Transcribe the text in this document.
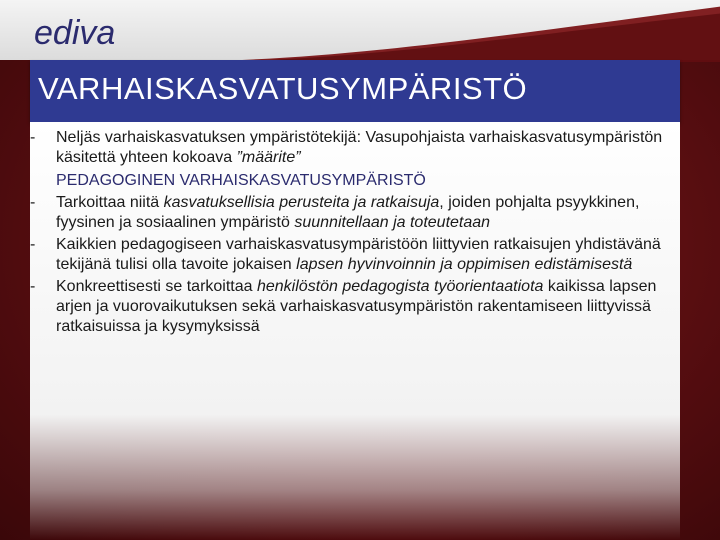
ediva
VARHAISKASVATUSYMPÄRISTÖ
-	Neljäs varhaiskasvatuksen ympäristötekijä: Vasupohjaista varhaiskasvatusympäristön käsitettä yhteen kokoava ”määrite”
PEDAGOGINEN VARHAISKASVATUSYMPÄRISTÖ
-	Tarkoittaa niitä kasvatuksellisia perusteita ja ratkaisuja, joiden pohjalta psyykkinen, fyysinen ja sosiaalinen ympäristö suunnitellaan ja toteutetaan
-	Kaikkien pedagogiseen varhaiskasvatusympäristöön liittyvien ratkaisujen yhdistävänä tekijänä tulisi olla tavoite jokaisen lapsen hyvinvoinnin ja oppimisen edistämisestä
-	Konkreettisesti se tarkoittaa henkilöstön pedagogista työorientaatiota kaikissa lapsen arjen ja vuorovaikutuksen sekä varhaiskasvatusympäristön rakentamiseen liittyvissä ratkaisuissa ja kysymyksissä
